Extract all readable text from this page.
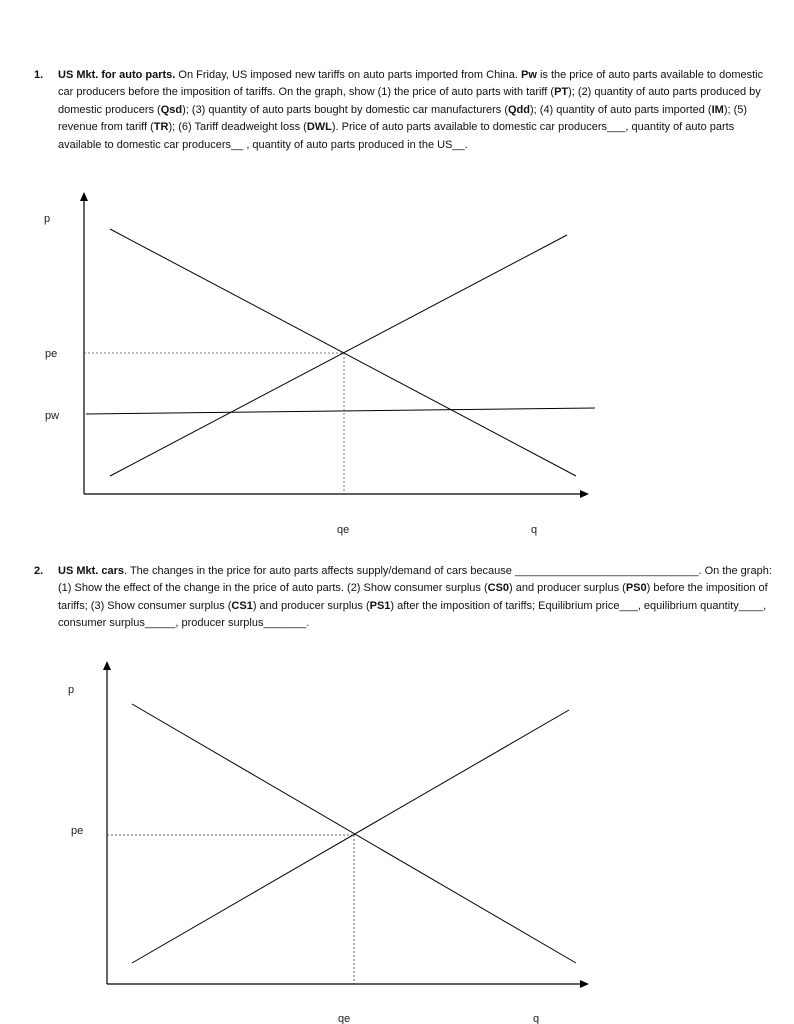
1. US Mkt. for auto parts. On Friday, US imposed new tariffs on auto parts imported from China. Pw is the price of auto parts available to domestic car producers before the imposition of tariffs. On the graph, show (1) the price of auto parts with tariff (PT); (2) quantity of auto parts produced by domestic producers (Qsd); (3) quantity of auto parts bought by domestic car manufacturers (Qdd); (4) quantity of auto parts imported (IM); (5) revenue from tariff (TR); (6) Tariff deadweight loss (DWL). Price of auto parts available to domestic car producers___, quantity of auto parts available to domestic car producers__ , quantity of auto parts produced in the US__.
2. US Mkt. cars. The changes in the price for auto parts affects supply/demand of cars because ______________________________. On the graph: (1) Show the effect of the change in the price of auto parts. (2) Show consumer surplus (CS0) and producer surplus (PS0) before the imposition of tariffs; (3) Show consumer surplus (CS1) and producer surplus (PS1) after the imposition of tariffs; Equilibrium price___, equilibrium quantity____, consumer surplus_____, producer surplus_______.
p
pe
pw
qe	q
p
pe
qe	q
